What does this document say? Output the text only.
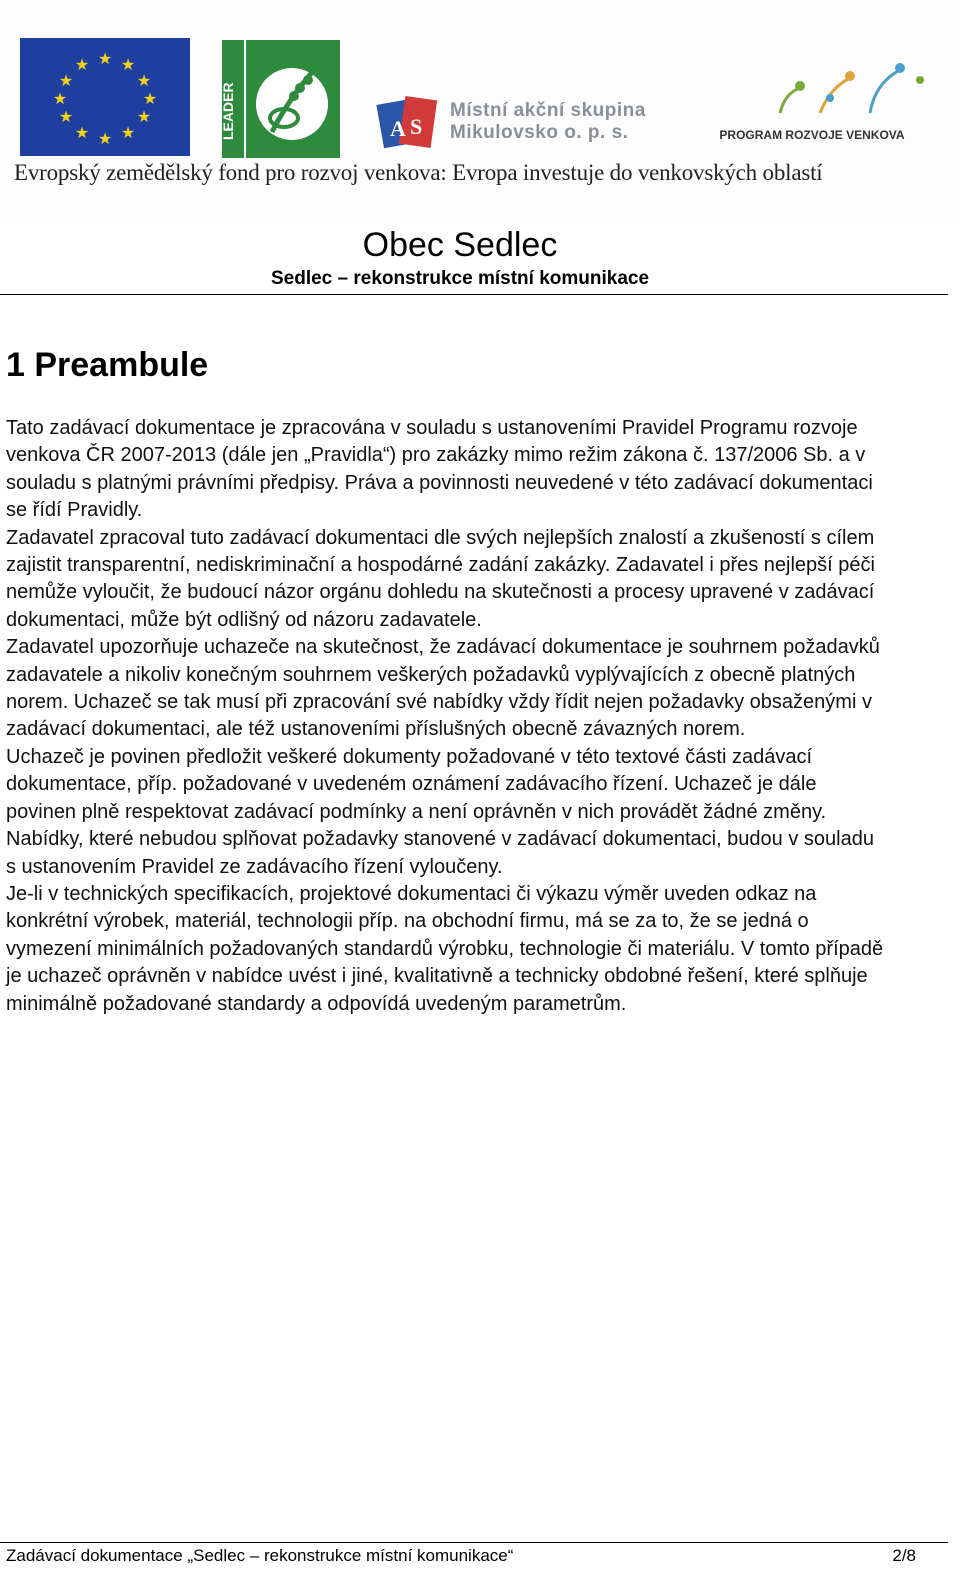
★ ★
★
★
★
★
★
★
★
★
★
★
LEADER	A S
Místní akční skupina
Mikulovsko o. p. s.	PROGRAM ROZVOJE VENKOVA
Evropský zemědělský fond pro rozvoj venkova: Evropa investuje do venkovských oblastí
Obec Sedlec
Sedlec – rekonstrukce místní komunikace
1 Preambule
Tato zadávací dokumentace je zpracována v souladu s ustanoveními Pravidel Programu rozvoje venkova ČR 2007-2013 (dále jen „Pravidla“) pro zakázky mimo režim zákona č. 137/2006 Sb. a v souladu s platnými právními předpisy. Práva a povinnosti neuvedené v této zadávací dokumentaci se řídí Pravidly.
Zadavatel zpracoval tuto zadávací dokumentaci dle svých nejlepších znalostí a zkušeností s cílem zajistit transparentní, nediskriminační a hospodárné zadání zakázky. Zadavatel i přes nejlepší péči nemůže vyloučit, že budoucí názor orgánu dohledu na skutečnosti a procesy upravené v zadávací dokumentaci, může být odlišný od názoru zadavatele.
Zadavatel upozorňuje uchazeče na skutečnost, že zadávací dokumentace je souhrnem požadavků zadavatele a nikoliv konečným souhrnem veškerých požadavků vyplývajících z obecně platných norem. Uchazeč se tak musí při zpracování své nabídky vždy řídit nejen požadavky obsaženými v zadávací dokumentaci, ale též ustanoveními příslušných obecně závazných norem.
Uchazeč je povinen předložit veškeré dokumenty požadované v této textové části zadávací dokumentace, příp. požadované v uvedeném oznámení zadávacího řízení. Uchazeč je dále povinen plně respektovat zadávací podmínky a není oprávněn v nich provádět žádné změny. Nabídky, které nebudou splňovat požadavky stanovené v zadávací dokumentaci, budou v souladu s ustanovením Pravidel ze zadávacího řízení vyloučeny.
Je-li v technických specifikacích, projektové dokumentaci či výkazu výměr uveden odkaz na konkrétní výrobek, materiál, technologii příp. na obchodní firmu, má se za to, že se jedná o vymezení minimálních požadovaných standardů výrobku, technologie či materiálu. V tomto případě je uchazeč oprávněn v nabídce uvést i jiné, kvalitativně a technicky obdobné řešení, které splňuje minimálně požadované standardy a odpovídá uvedeným parametrům.
Zadávací dokumentace „Sedlec – rekonstrukce místní komunikace“	2/8
